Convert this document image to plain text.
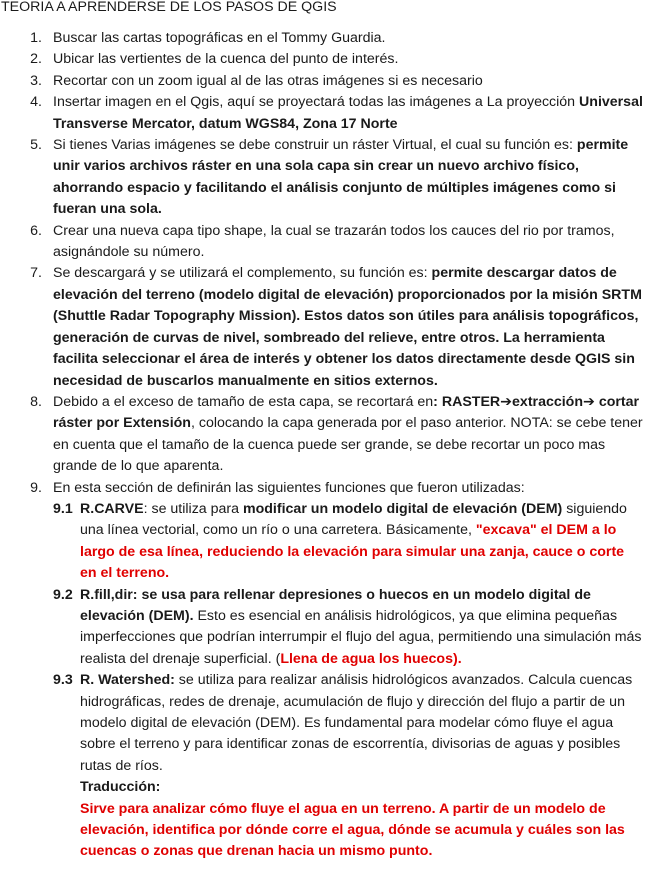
TEORIA A APRENDERSE DE LOS PASOS DE QGIS
1. Buscar las cartas topográficas en el Tommy Guardia.
2. Ubicar las vertientes de la cuenca del punto de interés.
3. Recortar con un zoom igual al de las otras imágenes si es necesario
4. Insertar imagen en el Qgis, aquí se proyectará todas las imágenes a La proyección Universal Transverse Mercator, datum WGS84, Zona 17 Norte
5. Si tienes Varias imágenes se debe construir un ráster Virtual, el cual su función es: permite unir varios archivos ráster en una sola capa sin crear un nuevo archivo físico, ahorrando espacio y facilitando el análisis conjunto de múltiples imágenes como si fueran una sola.
6. Crear una nueva capa tipo shape, la cual se trazarán todos los cauces del rio por tramos, asignándole su número.
7. Se descargará y se utilizará el complemento, su función es: permite descargar datos de elevación del terreno (modelo digital de elevación) proporcionados por la misión SRTM (Shuttle Radar Topography Mission). Estos datos son útiles para análisis topográficos, generación de curvas de nivel, sombreado del relieve, entre otros. La herramienta facilita seleccionar el área de interés y obtener los datos directamente desde QGIS sin necesidad de buscarlos manualmente en sitios externos.
8. Debido a el exceso de tamaño de esta capa, se recortará en: RASTER➔extracción➔ cortar ráster por Extensión, colocando la capa generada por el paso anterior. NOTA: se cebe tener en cuenta que el tamaño de la cuenca puede ser grande, se debe recortar un poco mas grande de lo que aparenta.
9. En esta sección de definirán las siguientes funciones que fueron utilizadas:
9.1 R.CARVE: se utiliza para modificar un modelo digital de elevación (DEM) siguiendo una línea vectorial, como un río o una carretera. Básicamente, "excava" el DEM a lo largo de esa línea, reduciendo la elevación para simular una zanja, cauce o corte en el terreno.
9.2 R.fill,dir: se usa para rellenar depresiones o huecos en un modelo digital de elevación (DEM). Esto es esencial en análisis hidrológicos, ya que elimina pequeñas imperfecciones que podrían interrumpir el flujo del agua, permitiendo una simulación más realista del drenaje superficial. (Llena de agua los huecos).
9.3 R. Watershed: se utiliza para realizar análisis hidrológicos avanzados. Calcula cuencas hidrográficas, redes de drenaje, acumulación de flujo y dirección del flujo a partir de un modelo digital de elevación (DEM). Es fundamental para modelar cómo fluye el agua sobre el terreno y para identificar zonas de escorrentía, divisorias de aguas y posibles rutas de ríos.
Traducción:
Sirve para analizar cómo fluye el agua en un terreno. A partir de un modelo de elevación, identifica por dónde corre el agua, dónde se acumula y cuáles son las cuencas o zonas que drenan hacia un mismo punto.
